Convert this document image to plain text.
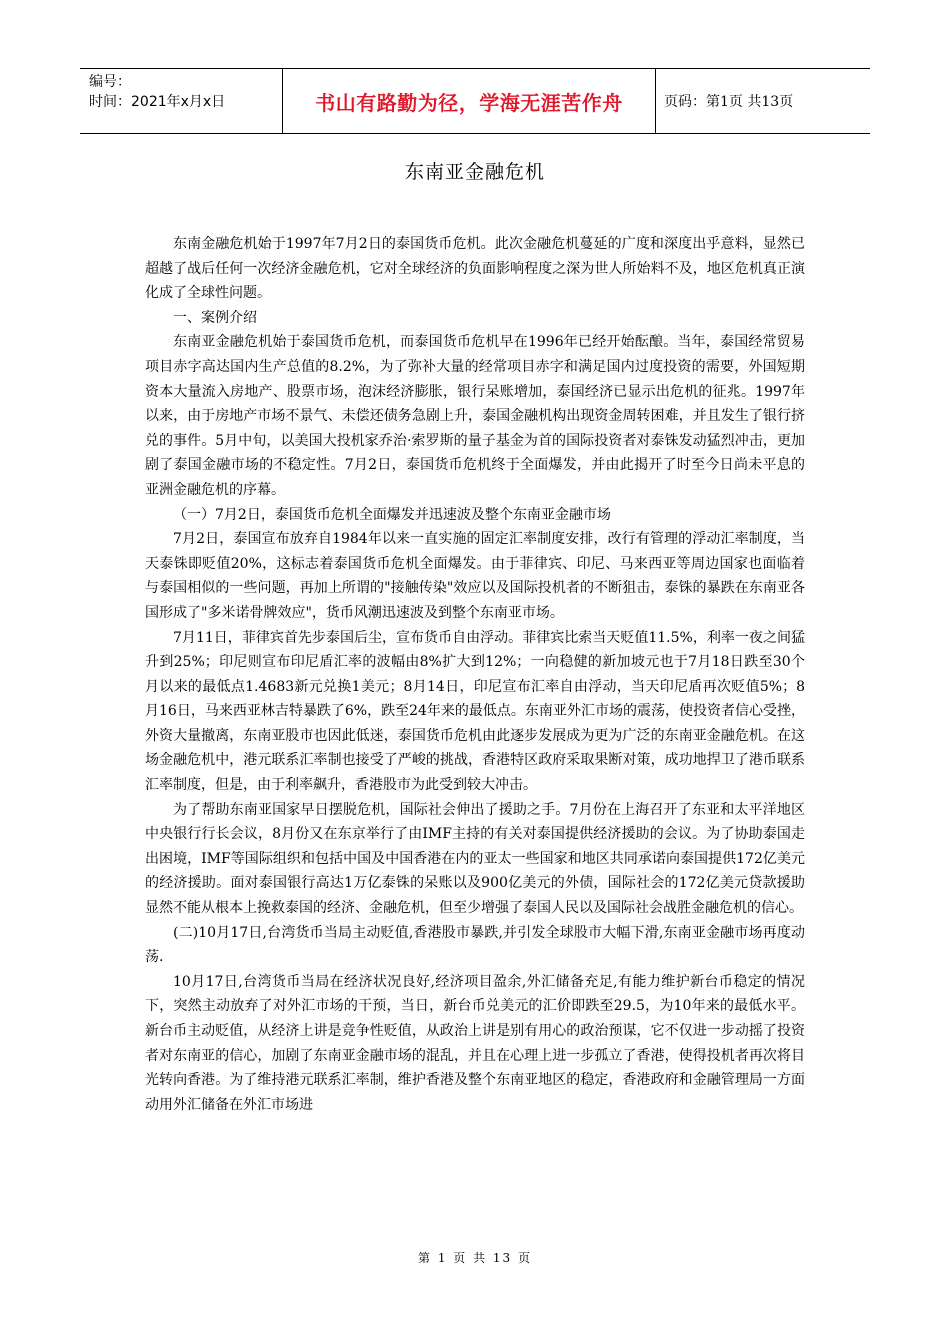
编号：
时间：2021年x月x日	书山有路勤为径，学海无涯苦作舟	页码：第1页 共13页
东南亚金融危机

东南金融危机始于1997年7月2日的泰国货币危机。此次金融危机蔓延的广度和深度出乎意料，显然已超越了战后任何一次经济金融危机，它对全球经济的负面影响程度之深为世人所始料不及，地区危机真正演化成了全球性问题。

一、案例介绍

东南亚金融危机始于泰国货币危机，而泰国货币危机早在1996年已经开始酝酿。当年，泰国经常贸易项目赤字高达国内生产总值的8.2%，为了弥补大量的经常项目赤字和满足国内过度投资的需要，外国短期资本大量流入房地产、股票市场，泡沫经济膨胀，银行呆账增加，泰国经济已显示出危机的征兆。1997年以来，由于房地产市场不景气、未偿还债务急剧上升，泰国金融机构出现资金周转困难，并且发生了银行挤兑的事件。5月中旬，以美国大投机家乔治·索罗斯的量子基金为首的国际投资者对泰铢发动猛烈冲击，更加剧了泰国金融市场的不稳定性。7月2日，泰国货币危机终于全面爆发，并由此揭开了时至今日尚未平息的亚洲金融危机的序幕。

（一）7月2日，泰国货币危机全面爆发并迅速波及整个东南亚金融市场

7月2日，泰国宣布放弃自1984年以来一直实施的固定汇率制度安排，改行有管理的浮动汇率制度，当天泰铢即贬值20%，这标志着泰国货币危机全面爆发。由于菲律宾、印尼、马来西亚等周边国家也面临着与泰国相似的一些问题，再加上所谓的"接触传染"效应以及国际投机者的不断狙击，泰铢的暴跌在东南亚各国形成了"多米诺骨牌效应"，货币风潮迅速波及到整个东南亚市场。

7月11日，菲律宾首先步泰国后尘，宣布货币自由浮动。菲律宾比索当天贬值11.5%，利率一夜之间猛升到25%；印尼则宣布印尼盾汇率的波幅由8%扩大到12%；一向稳健的新加坡元也于7月18日跌至30个月以来的最低点1.4683新元兑换1美元；8月14日，印尼宣布汇率自由浮动，当天印尼盾再次贬值5%；8月16日，马来西亚林吉特暴跌了6%，跌至24年来的最低点。东南亚外汇市场的震荡，使投资者信心受挫，外资大量撤离，东南亚股市也因此低迷，泰国货币危机由此逐步发展成为更为广泛的东南亚金融危机。在这场金融危机中，港元联系汇率制也接受了严峻的挑战，香港特区政府采取果断对策，成功地捍卫了港币联系汇率制度，但是，由于利率飙升，香港股市为此受到较大冲击。

为了帮助东南亚国家早日摆脱危机，国际社会伸出了援助之手。7月份在上海召开了东亚和太平洋地区中央银行行长会议，8月份又在东京举行了由IMF主持的有关对泰国提供经济援助的会议。为了协助泰国走出困境，IMF等国际组织和包括中国及中国香港在内的亚太一些国家和地区共同承诺向泰国提供172亿美元的经济援助。面对泰国银行高达1万亿泰铢的呆账以及900亿美元的外债，国际社会的172亿美元贷款援助显然不能从根本上挽救泰国的经济、金融危机，但至少增强了泰国人民以及国际社会战胜金融危机的信心。

(二)10月17日,台湾货币当局主动贬值,香港股市暴跌,并引发全球股市大幅下滑,东南亚金融市场再度动荡.

10月17日,台湾货币当局在经济状况良好,经济项目盈余,外汇储备充足,有能力维护新台币稳定的情况下，突然主动放弃了对外汇市场的干预，当日，新台币兑美元的汇价即跌至29.5，为10年来的最低水平。新台币主动贬值，从经济上讲是竞争性贬值，从政治上讲是别有用心的政治预谋，它不仅进一步动摇了投资者对东南亚的信心，加剧了东南亚金融市场的混乱，并且在心理上进一步孤立了香港，使得投机者再次将目光转向香港。为了维持港元联系汇率制，维护香港及整个东南亚地区的稳定，香港政府和金融管理局一方面动用外汇储备在外汇市场进

第 1 页 共 13 页
